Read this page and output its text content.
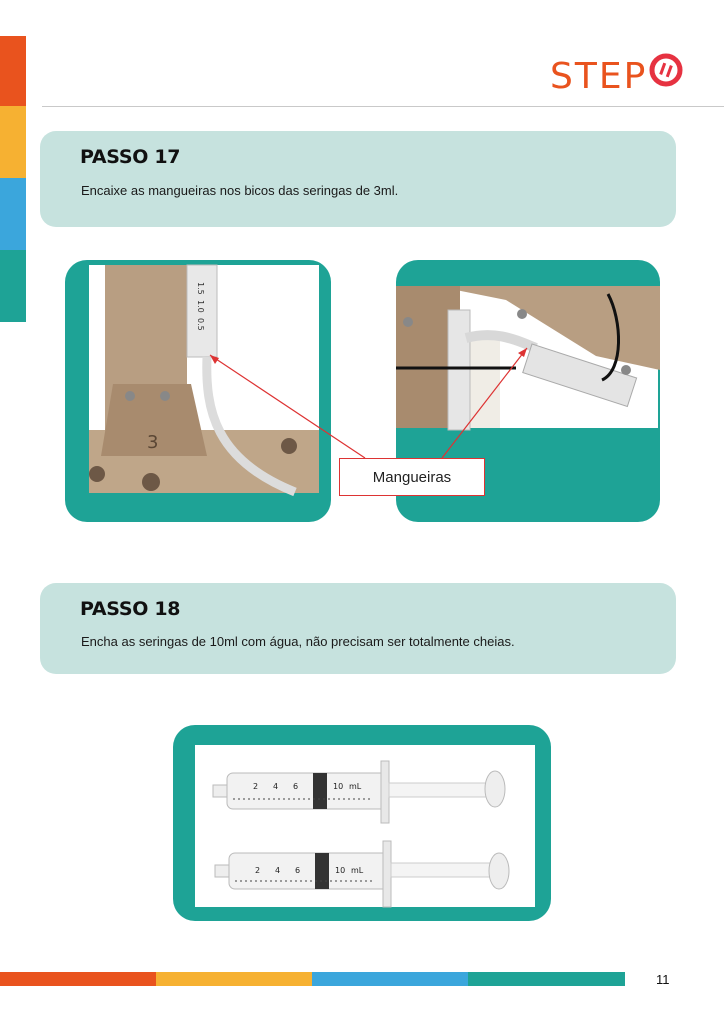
STEP
PASSO 17
Encaixe as mangueiras nos bicos das seringas de 3ml.
3
1.5
1.0
0.5
Mangueiras
PASSO 18
Encha as seringas de 10ml com água, não precisam ser totalmente cheias.
2 4 6	10 mL
2 4 6	10 mL
11
